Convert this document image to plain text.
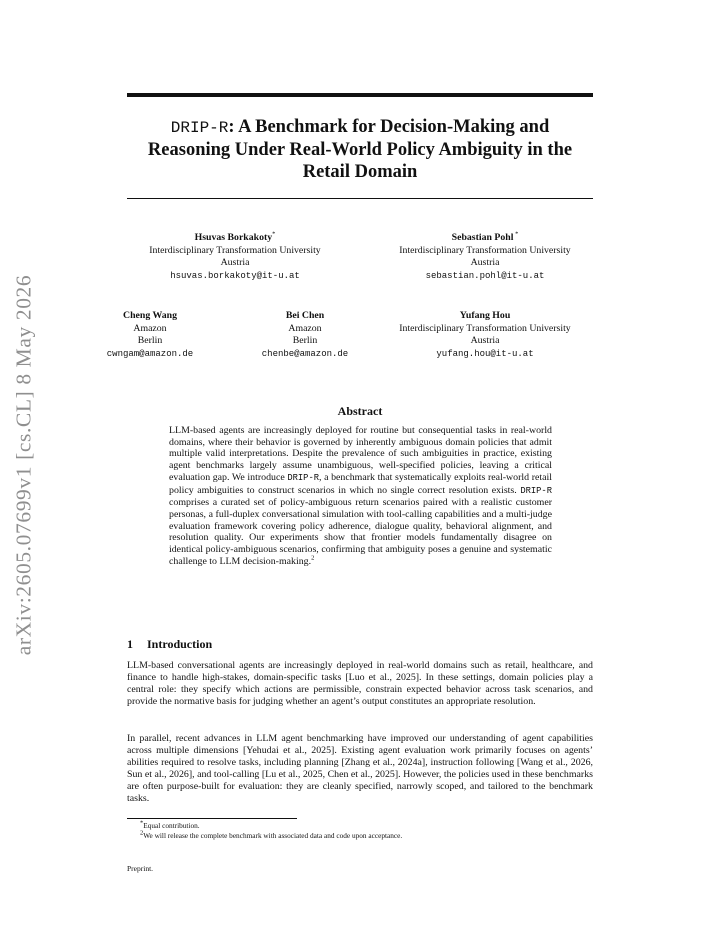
arXiv:2605.07699v1 [cs.CL] 8 May 2026
DRIP-R: A Benchmark for Decision-Making and
Reasoning Under Real-World Policy Ambiguity in the
Retail Domain
Hsuvas Borkakoty*
Interdisciplinary Transformation University
Austria
hsuvas.borkakoty@it-u.at
Sebastian Pohl *
Interdisciplinary Transformation University
Austria
sebastian.pohl@it-u.at
Cheng Wang
Amazon
Berlin
cwngam@amazon.de
Bei Chen
Amazon
Berlin
chenbe@amazon.de
Yufang Hou
Interdisciplinary Transformation University
Austria
yufang.hou@it-u.at
Abstract
LLM-based agents are increasingly deployed for routine but consequential tasks in real-world domains, where their behavior is governed by inherently ambiguous domain policies that admit multiple valid interpretations. Despite the prevalence of such ambiguities in practice, existing agent benchmarks largely assume unambiguous, well-specified policies, leaving a critical evaluation gap. We introduce DRIP-R, a benchmark that systematically exploits real-world retail policy ambiguities to construct scenarios in which no single correct resolution exists. DRIP-R comprises a curated set of policy-ambiguous return scenarios paired with a realistic customer personas, a full-duplex conversational simulation with tool-calling capabilities and a multi-judge evaluation framework covering policy adherence, dialogue quality, behavioral alignment, and resolution quality. Our experiments show that frontier models fundamentally disagree on identical policy-ambiguous scenarios, confirming that ambiguity poses a genuine and systematic challenge to LLM decision-making.$^2$
1 Introduction
LLM-based conversational agents are increasingly deployed in real-world domains such as retail, healthcare, and finance to handle high-stakes, domain-specific tasks [Luo et al., 2025]. In these settings, domain policies play a central role: they specify which actions are permissible, constrain expected behavior across task scenarios, and provide the normative basis for judging whether an agent’s output constitutes an appropriate resolution.
In parallel, recent advances in LLM agent benchmarking have improved our understanding of agent capabilities across multiple dimensions [Yehudai et al., 2025]. Existing agent evaluation work primarily focuses on agents’ abilities required to resolve tasks, including planning [Zhang et al., 2024a], instruction following [Wang et al., 2026, Sun et al., 2026], and tool-calling [Lu et al., 2025, Chen et al., 2025]. However, the policies used in these benchmarks are often purpose-built for evaluation: they are cleanly specified, narrowly scoped, and tailored to the benchmark tasks.
*Equal contribution.
$^2$We will release the complete benchmark with associated data and code upon acceptance.
Preprint.
